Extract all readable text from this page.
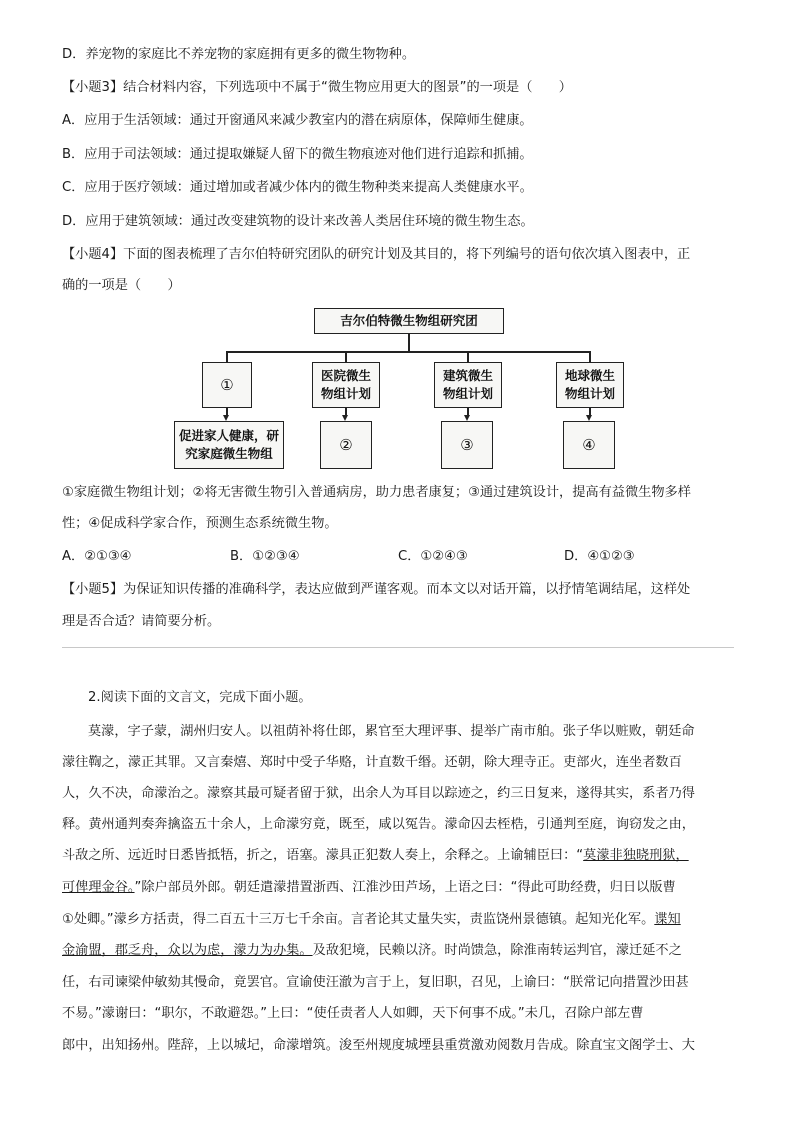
D．养宠物的家庭比不养宠物的家庭拥有更多的微生物物种。
【小题3】结合材料内容，下列选项中不属于“微生物应用更大的图景”的一项是（　　）
A．应用于生活领域：通过开窗通风来减少教室内的潜在病原体，保障师生健康。
B．应用于司法领域：通过提取嫌疑人留下的微生物痕迹对他们进行追踪和抓捕。
C．应用于医疗领域：通过增加或者减少体内的微生物种类来提高人类健康水平。
D．应用于建筑领域：通过改变建筑物的设计来改善人类居住环境的微生物生态。
【小题4】下面的图表梳理了吉尔伯特研究团队的研究计划及其目的，将下列编号的语句依次填入图表中，正
确的一项是（　　）
吉尔伯特微生物组研究团
①
医院微生
物组计划
建筑微生
物组计划
地球微生
物组计划
促进家人健康，研
究家庭微生物组	②	③	④
①家庭微生物组计划；②将无害微生物引入普通病房，助力患者康复；③通过建筑设计，提高有益微生物多样
性；④促成科学家合作，预测生态系统微生物。
A．②①③④	B．①②③④	C．①②④③	D．④①②③
【小题5】为保证知识传播的准确科学，表达应做到严谨客观。而本文以对话开篇，以抒情笔调结尾，这样处
理是否合适？请简要分析。
2.阅读下面的文言文，完成下面小题。
莫濛，字子蒙，湖州归安人。以祖荫补将仕郎，累官至大理评事、提举广南市舶。张子华以赃败，朝廷命
濛往鞫之，濛正其罪。又言秦熺、郑时中受子华赂，计直数千缗。还朝，除大理寺正。吏部火，连坐者数百
人，久不决，命濛治之。濛察其最可疑者留于狱，出余人为耳目以踪迹之，约三日复来，遂得其实，系者乃得
释。黄州通判奏奔擒盗五十余人，上命濛穷竟，既至，咸以冤告。濛命囚去桎梏，引通判至庭，询窃发之由，
斗敌之所、远近时日悉皆抵牾，折之，语塞。濛具正犯数人奏上，余释之。上谕辅臣曰：“莫濛非独晓刑狱，
可俾理金谷。”除户部员外郎。朝廷遣濛措置浙西、江淮沙田芦场，上语之曰：“得此可助经费，归日以版曹
①处卿。”濛乡方括责，得二百五十三万七千余亩。言者论其丈量失实，责监饶州景德镇。起知光化军。谍知
金渝盟，郡乏舟，众以为虑，濛力为办集。及敌犯境，民赖以济。时尚馈急，除淮南转运判官，濛迁延不之
任，右司谏梁仲敏劾其慢命，竟罢官。宣谕使汪澈为言于上，复旧职，召见，上谕曰：“朕常记向措置沙田甚
不易。”濛谢曰：“职尔，不敢避怨。”上曰：“使任责者人人如卿，天下何事不成。”未几，召除户部左曹
郎中，出知扬州。陛辞，上以城圮，命濛增筑。浚至州规度城堙县重赏激劝阅数月告成。除直宝文阁学士、大
